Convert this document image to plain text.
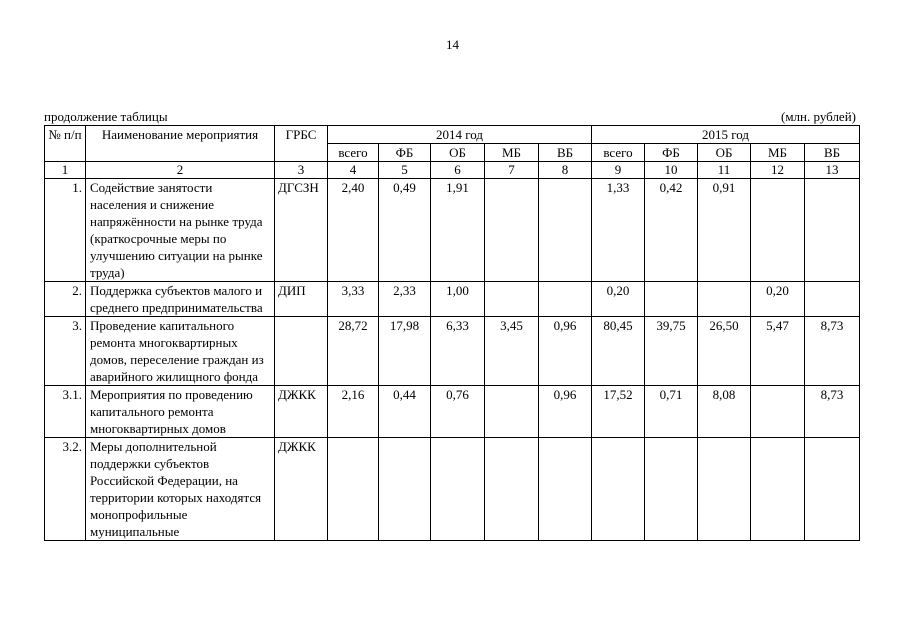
14
продолжение таблицы	(млн. рублей)
№ п/п	Наименование мероприятия	ГРБС	2014 год					2015 год				
			всего	ФБ	ОБ	МБ	ВБ	всего	ФБ	ОБ	МБ	ВБ
1	2	3	4	5	6	7	8	9	10	11	12	13
1.	Содействие занятости населения и снижение напряжённости на рынке труда (краткосрочные меры по улучшению ситуации на рынке труда)	ДГСЗН	2,40	0,49	1,91			1,33	0,42	0,91		
2.	Поддержка субъектов малого и среднего предпринимательства	ДИП	3,33	2,33	1,00			0,20			0,20	
3.	Проведение капитального ремонта многоквартирных домов, переселение граждан из аварийного жилищного фонда		28,72	17,98	6,33	3,45	0,96	80,45	39,75	26,50	5,47	8,73
3.1.	Мероприятия по проведению капитального ремонта многоквартирных домов	ДЖКК	2,16	0,44	0,76		0,96	17,52	0,71	8,08		8,73
3.2.	Меры дополнительной поддержки субъектов Российской Федерации, на территории которых находятся монопрофильные муниципальные	ДЖКК										
